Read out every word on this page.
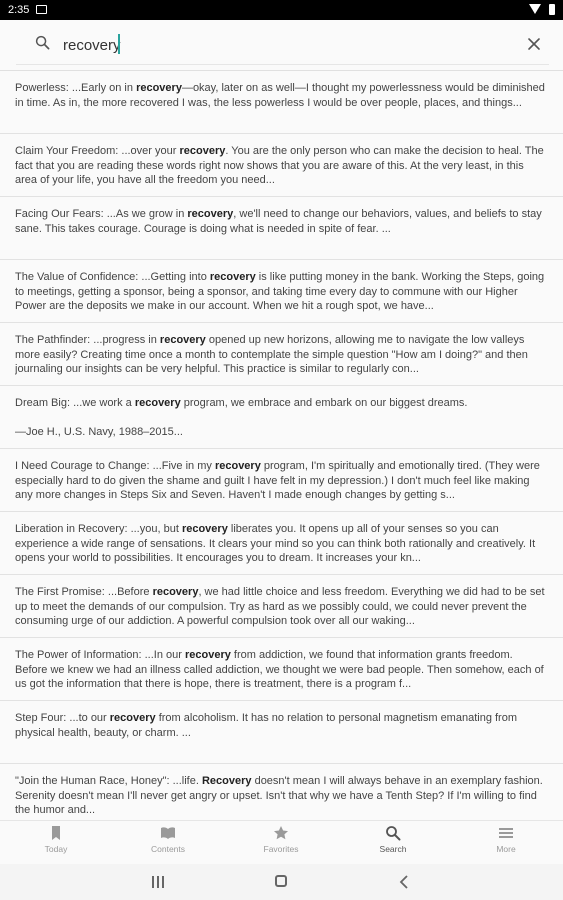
2:35
recovery
Powerless: ...Early on in recovery—okay, later on as well—I thought my powerlessness would be diminished in time. As in, the more recovered I was, the less powerless I would be over people, places, and things...
Claim Your Freedom: ...over your recovery. You are the only person who can make the decision to heal. The fact that you are reading these words right now shows that you are aware of this. At the very least, in this area of your life, you have all the freedom you need...
Facing Our Fears: ...As we grow in recovery, we'll need to change our behaviors, values, and beliefs to stay sane. This takes courage. Courage is doing what is needed in spite of fear. ...
The Value of Confidence: ...Getting into recovery is like putting money in the bank. Working the Steps, going to meetings, getting a sponsor, being a sponsor, and taking time every day to commune with our Higher Power are the deposits we make in our account. When we hit a rough spot, we have...
The Pathfinder: ...progress in recovery opened up new horizons, allowing me to navigate the low valleys more easily? Creating time once a month to contemplate the simple question "How am I doing?" and then journaling our insights can be very helpful. This practice is similar to regularly con...
Dream Big: ...we work a recovery program, we embrace and embark on our biggest dreams.

—Joe H., U.S. Navy, 1988–2015...
I Need Courage to Change: ...Five in my recovery program, I'm spiritually and emotionally tired. (They were especially hard to do given the shame and guilt I have felt in my depression.) I don't much feel like making any more changes in Steps Six and Seven. Haven't I made enough changes by getting s...
Liberation in Recovery: ...you, but recovery liberates you. It opens up all of your senses so you can experience a wide range of sensations. It clears your mind so you can think both rationally and creatively. It opens your world to possibilities. It encourages you to dream. It increases your kn...
The First Promise: ...Before recovery, we had little choice and less freedom. Everything we did had to be set up to meet the demands of our compulsion. Try as hard as we possibly could, we could never prevent the consuming urge of our addiction. A powerful compulsion took over all our waking...
The Power of Information: ...In our recovery from addiction, we found that information grants freedom. Before we knew we had an illness called addiction, we thought we were bad people. Then somehow, each of us got the information that there is hope, there is treatment, there is a program f...
Step Four: ...to our recovery from alcoholism. It has no relation to personal magnetism emanating from physical health, beauty, or charm. ...
"Join the Human Race, Honey": ...life. Recovery doesn't mean I will always behave in an exemplary fashion. Serenity doesn't mean I'll never get angry or upset. Isn't that why we have a Tenth Step? If I'm willing to find the humor and...
Today	Contents	Favorites	Search	More
